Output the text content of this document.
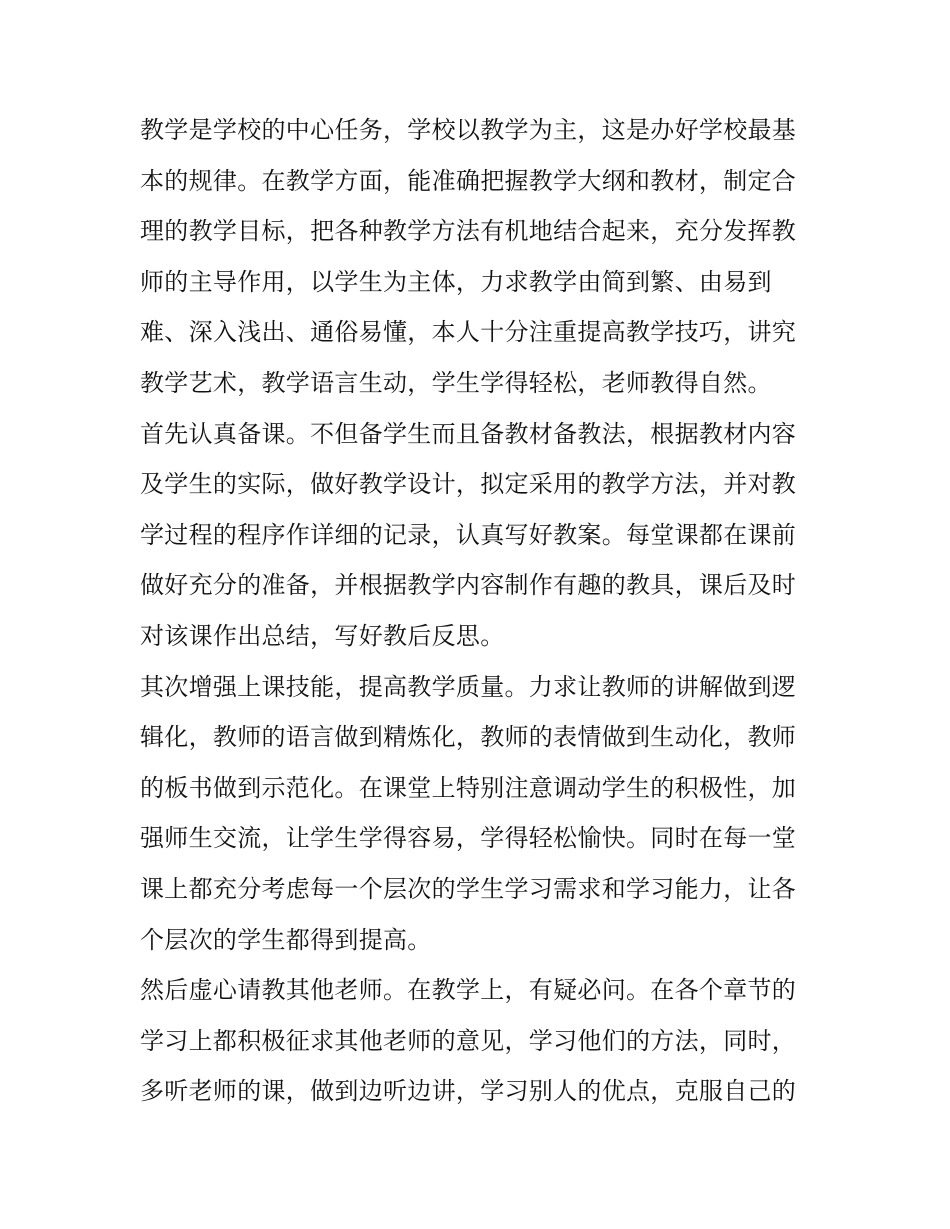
教学是学校的中心任务，学校以教学为主，这是办好学校最基
本的规律。在教学方面，能准确把握教学大纲和教材，制定合
理的教学目标，把各种教学方法有机地结合起来，充分发挥教
师的主导作用，以学生为主体，力求教学由简到繁、由易到
难、深入浅出、通俗易懂，本人十分注重提高教学技巧，讲究
教学艺术，教学语言生动，学生学得轻松，老师教得自然。
首先认真备课。不但备学生而且备教材备教法，根据教材内容
及学生的实际，做好教学设计，拟定采用的教学方法，并对教
学过程的程序作详细的记录，认真写好教案。每堂课都在课前
做好充分的准备，并根据教学内容制作有趣的教具，课后及时
对该课作出总结，写好教后反思。
其次增强上课技能，提高教学质量。力求让教师的讲解做到逻
辑化，教师的语言做到精炼化，教师的表情做到生动化，教师
的板书做到示范化。在课堂上特别注意调动学生的积极性，加
强师生交流，让学生学得容易，学得轻松愉快。同时在每一堂
课上都充分考虑每一个层次的学生学习需求和学习能力，让各
个层次的学生都得到提高。
然后虚心请教其他老师。在教学上，有疑必问。在各个章节的
学习上都积极征求其他老师的意见，学习他们的方法，同时，
多听老师的课，做到边听边讲，学习别人的优点，克服自己的
